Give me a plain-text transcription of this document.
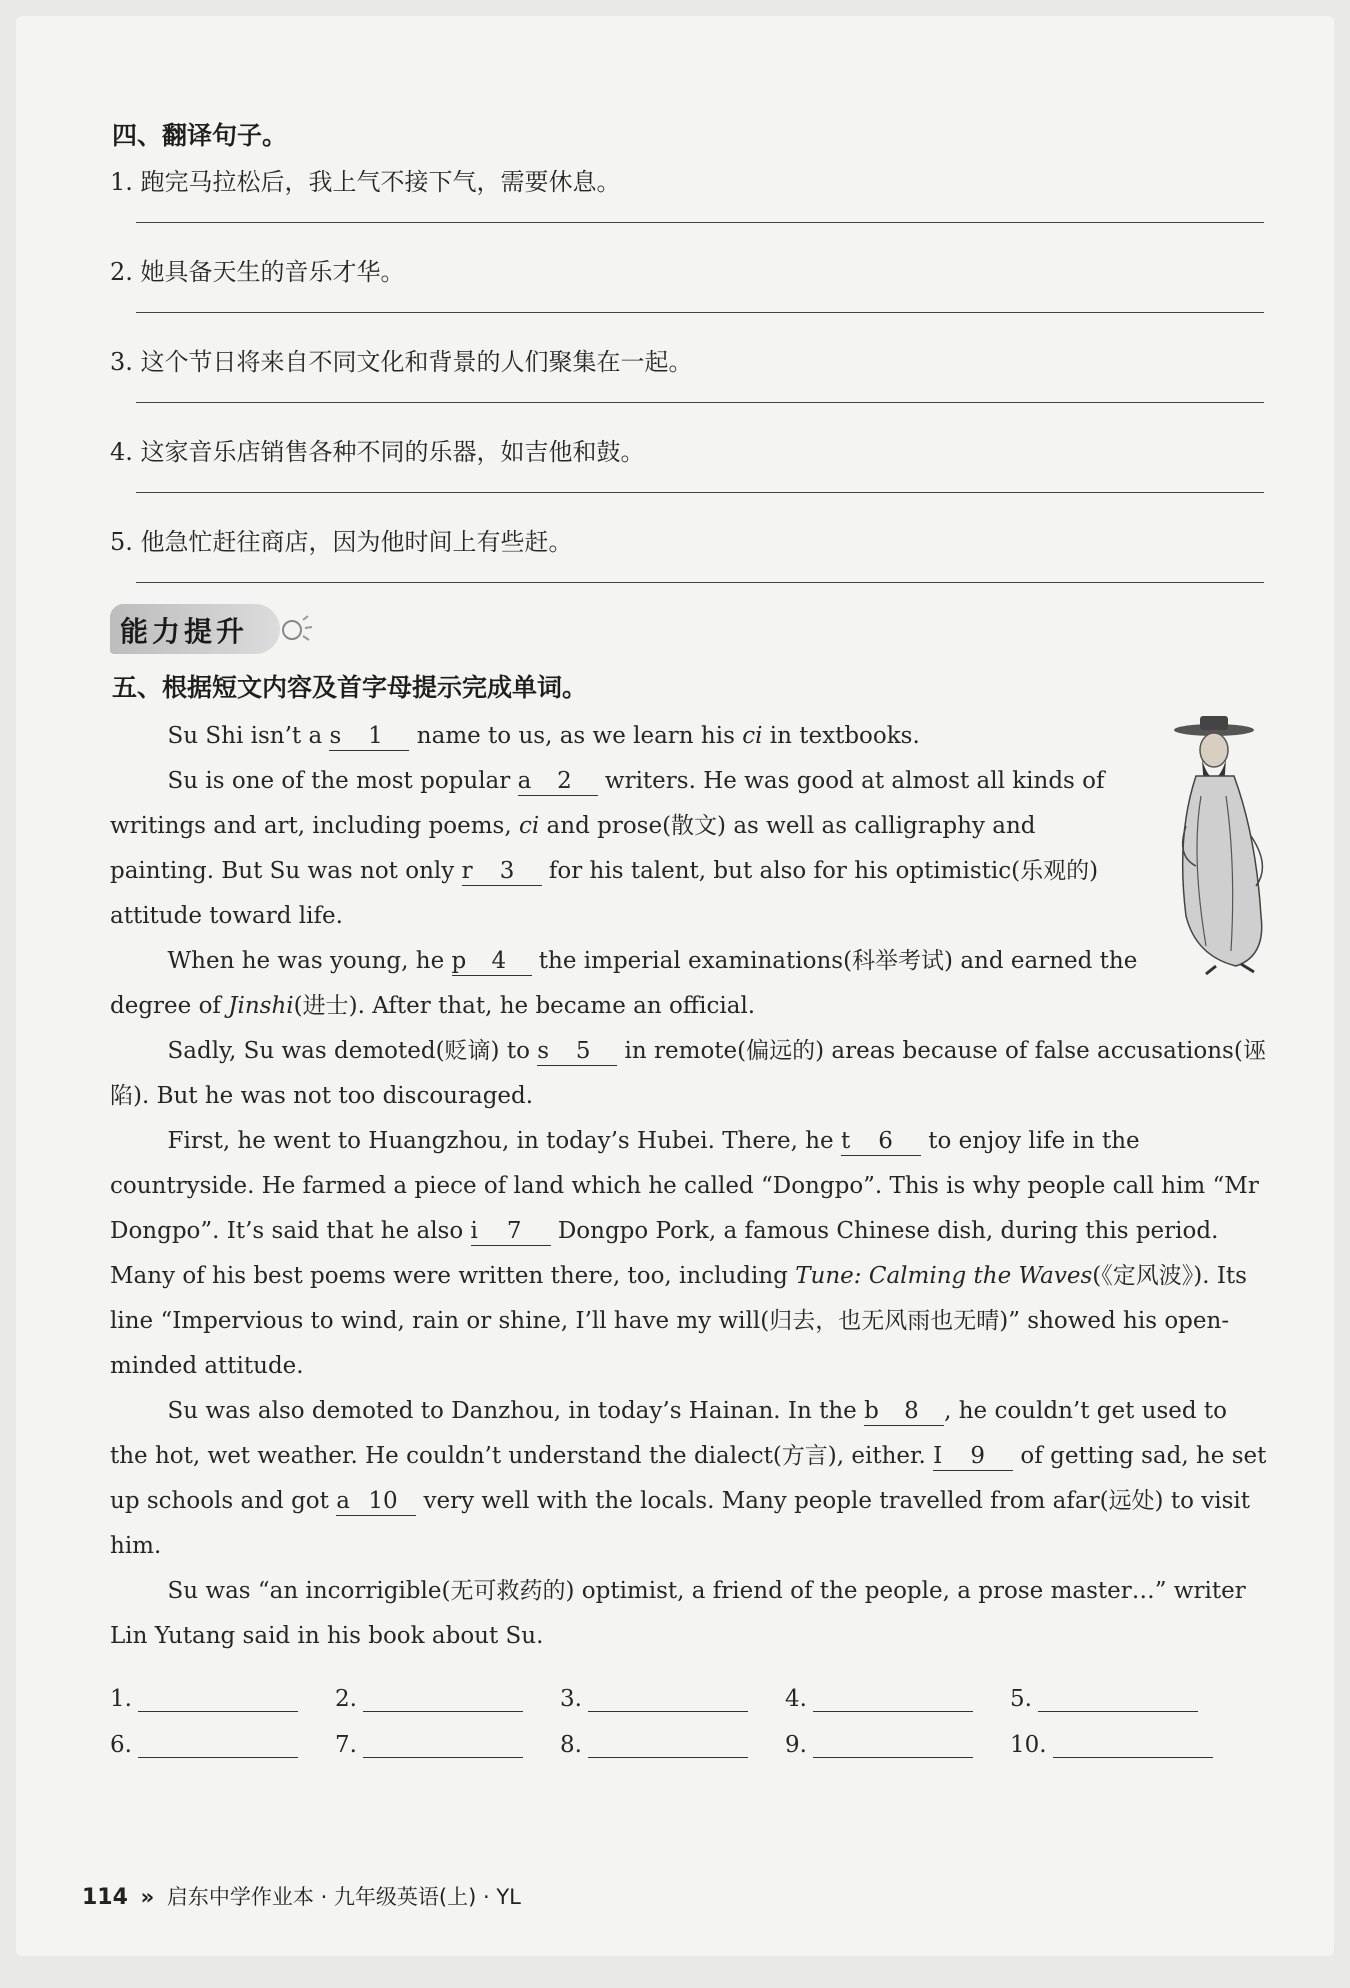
四、翻译句子。
1. 跑完马拉松后，我上气不接下气，需要休息。
2. 她具备天生的音乐才华。
3. 这个节日将来自不同文化和背景的人们聚集在一起。
4. 这家音乐店销售各种不同的乐器，如吉他和鼓。
5. 他急忙赶往商店，因为他时间上有些赶。
能力提升
五、根据短文内容及首字母提示完成单词。

Su Shi isn’t a s 1 name to us, as we learn his ci in textbooks.

Su is one of the most popular a 2 writers. He was good at almost all kinds of writings and art, including poems, ci and prose(散文) as well as calligraphy and painting. But Su was not only r 3 for his talent, but also for his optimistic(乐观的) attitude toward life.

When he was young, he p 4 the imperial examinations(科举考试) and earned the degree of Jinshi(进士). After that, he became an official.

Sadly, Su was demoted(贬谪) to s 5 in remote(偏远的) areas because of false accusations(诬陷). But he was not too discouraged.

First, he went to Huangzhou, in today’s Hubei. There, he t 6 to enjoy life in the countryside. He farmed a piece of land which he called “Dongpo”. This is why people call him “Mr Dongpo”. It’s said that he also i 7 Dongpo Pork, a famous Chinese dish, during this period. Many of his best poems were written there, too, including Tune: Calming the Waves(《定风波》). Its line “Impervious to wind, rain or shine, I’ll have my will(归去，也无风雨也无晴)” showed his open-minded attitude.

Su was also demoted to Danzhou, in today’s Hainan. In the b 8 , he couldn’t get used to the hot, wet weather. He couldn’t understand the dialect(方言), either. I 9 of getting sad, he set up schools and got a 10 very well with the locals. Many people travelled from afar(远处) to visit him.

Su was “an incorrigible(无可救药的) optimist, a friend of the people, a prose master…” writer Lin Yutang said in his book about Su.

1.	2.	3.	4.	5.
6.	7.	8.	9.	10.
114 » 启东中学作业本 · 九年级英语(上) · YL
